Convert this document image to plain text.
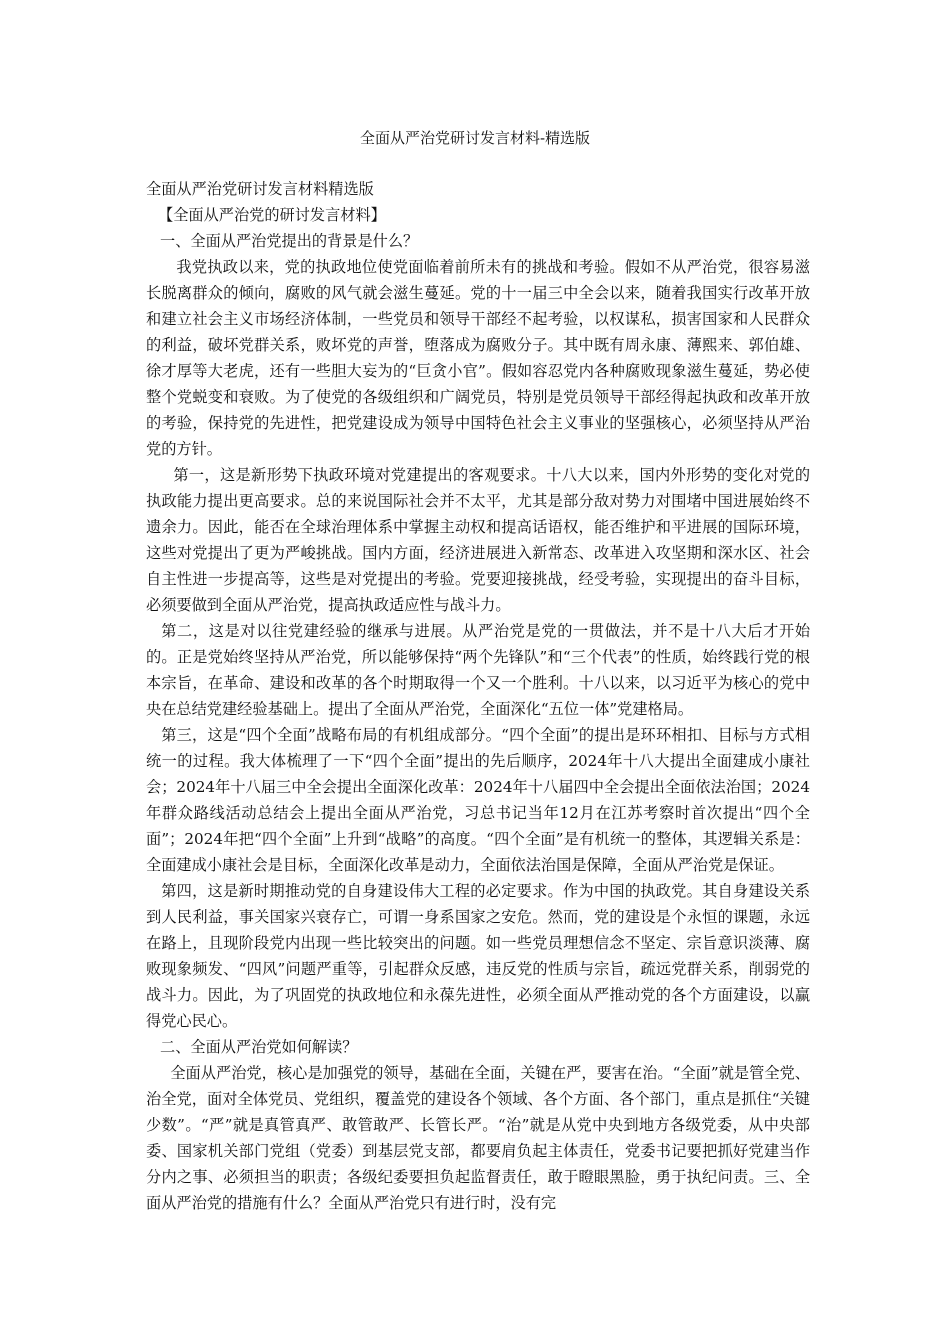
全面从严治党研讨发言材料-精选版

全面从严治党研讨发言材料精选版

【全面从严治党的研讨发言材料】

一、全面从严治党提出的背景是什么？

我党执政以来，党的执政地位使党面临着前所未有的挑战和考验。假如不从严治党，很容易滋长脱离群众的倾向，腐败的风气就会滋生蔓延。党的十一届三中全会以来，随着我国实行改革开放和建立社会主义市场经济体制，一些党员和领导干部经不起考验，以权谋私，损害国家和人民群众的利益，破坏党群关系，败坏党的声誉，堕落成为腐败分子。其中既有周永康、薄熙来、郭伯雄、徐才厚等大老虎，还有一些胆大妄为的“巨贪小官”。假如容忍党内各种腐败现象滋生蔓延，势必使整个党蜕变和衰败。为了使党的各级组织和广阔党员，特别是党员领导干部经得起执政和改革开放的考验，保持党的先进性，把党建设成为领导中国特色社会主义事业的坚强核心，必须坚持从严治党的方针。

第一，这是新形势下执政环境对党建提出的客观要求。十八大以来，国内外形势的变化对党的执政能力提出更高要求。总的来说国际社会并不太平，尤其是部分敌对势力对围堵中国进展始终不遗余力。因此，能否在全球治理体系中掌握主动权和提高话语权，能否维护和平进展的国际环境，这些对党提出了更为严峻挑战。国内方面，经济进展进入新常态、改革进入攻坚期和深水区、社会自主性进一步提高等，这些是对党提出的考验。党要迎接挑战，经受考验，实现提出的奋斗目标，必须要做到全面从严治党，提高执政适应性与战斗力。

第二，这是对以往党建经验的继承与进展。从严治党是党的一贯做法，并不是十八大后才开始的。正是党始终坚持从严治党，所以能够保持“两个先锋队”和“三个代表”的性质，始终践行党的根本宗旨，在革命、建设和改革的各个时期取得一个又一个胜利。十八以来，以习近平为核心的党中央在总结党建经验基础上。提出了全面从严治党，全面深化“五位一体”党建格局。

第三，这是“四个全面”战略布局的有机组成部分。“四个全面”的提出是环环相扣、目标与方式相统一的过程。我大体梳理了一下“四个全面”提出的先后顺序，2024年十八大提出全面建成小康社会；2024年十八届三中全会提出全面深化改革：2024年十八届四中全会提出全面依法治国；2024年群众路线活动总结会上提出全面从严治党，习总书记当年12月在江苏考察时首次提出“四个全面”；2024年把“四个全面”上升到“战略”的高度。“四个全面”是有机统一的整体，其逻辑关系是：全面建成小康社会是目标，全面深化改革是动力，全面依法治国是保障，全面从严治党是保证。

第四，这是新时期推动党的自身建设伟大工程的必定要求。作为中国的执政党。其自身建设关系到人民利益，事关国家兴衰存亡，可谓一身系国家之安危。然而，党的建设是个永恒的课题，永远在路上，且现阶段党内出现一些比较突出的问题。如一些党员理想信念不坚定、宗旨意识淡薄、腐败现象频发、“四风”问题严重等，引起群众反感，违反党的性质与宗旨，疏远党群关系，削弱党的战斗力。因此，为了巩固党的执政地位和永葆先进性，必须全面从严推动党的各个方面建设，以赢得党心民心。

二、全面从严治党如何解读？

全面从严治党，核心是加强党的领导，基础在全面，关键在严，要害在治。“全面”就是管全党、治全党，面对全体党员、党组织，覆盖党的建设各个领域、各个方面、各个部门，重点是抓住“关键少数”。“严”就是真管真严、敢管敢严、长管长严。“治”就是从党中央到地方各级党委，从中央部委、国家机关部门党组（党委）到基层党支部，都要肩负起主体责任，党委书记要把抓好党建当作分内之事、必须担当的职责；各级纪委要担负起监督责任，敢于瞪眼黑脸，勇于执纪问责。三、全面从严治党的措施有什么？全面从严治党只有进行时，没有完
